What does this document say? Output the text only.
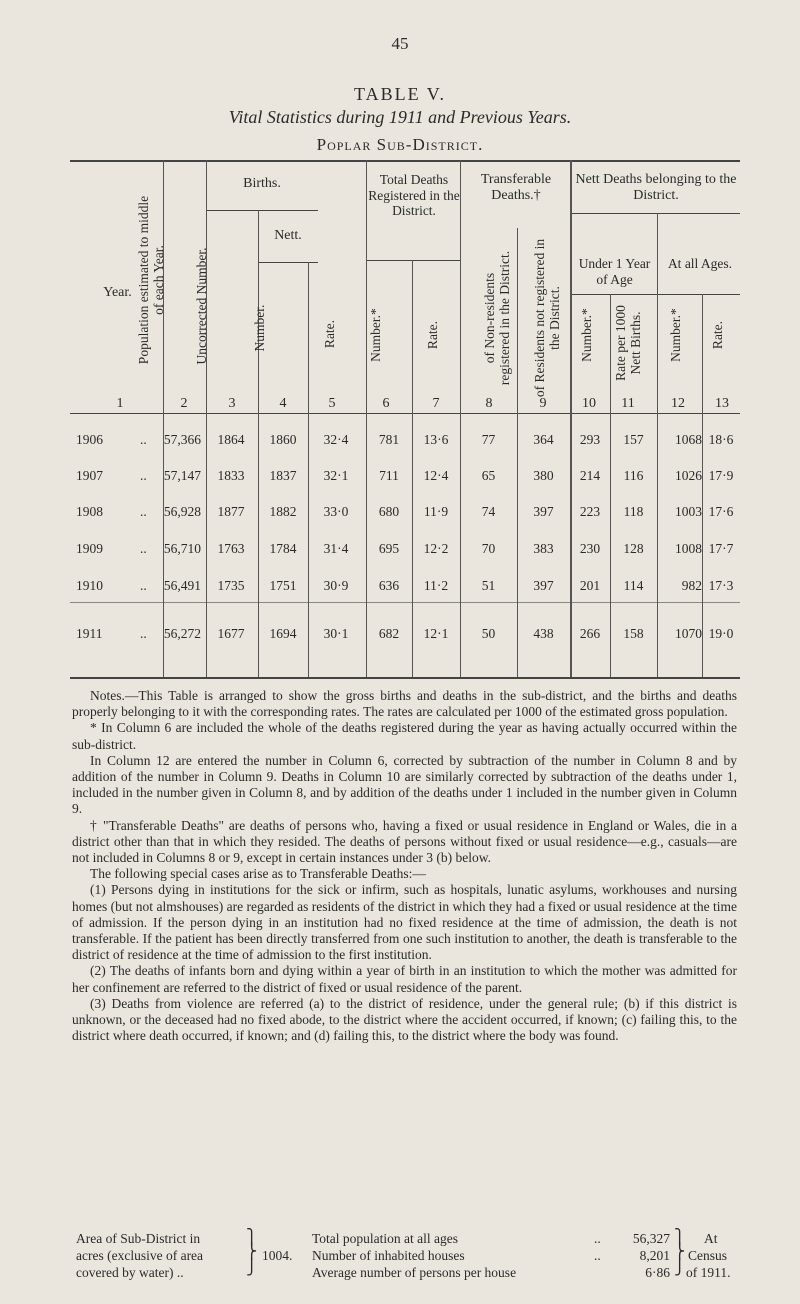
45
TABLE V.
Vital Statistics during 1911 and Previous Years.
Poplar Sub-District.
Year.
Births.
Nett.
Total Deaths Registered in the District.
Transferable Deaths.†
Nett Deaths belonging to the District.
Under 1 Year of Age
At all Ages.
Population estimated to middle of each Year.	Uncorrected Number.	Number.	Rate.	Number.*	Rate.	of Non-residents registered in the District.	of Residents not registered in the District.	Number.*	Rate per 1000 Nett Births.	Number.*	Rate.
1	2	3	4	5	6	7	8	9	10	11	12	13
1906	..	57,366	1864	1860	32·4	781	13·6	77	364	293	157	1068 18·6
1907	..	57,147	1833	1837	32·1	711	12·4	65	380	214	116	1026 17·9
1908	..	56,928	1877	1882	33·0	680	11·9	74	397	223	118	1003 17·6
1909	..	56,710	1763	1784	31·4	695	12·2	70	383	230	128	1008 17·7
1910	..	56,491	1735	1751	30·9	636	11·2	51	397	201	114	982 17·3
1911	..	56,272	1677	1694	30·1	682	12·1	50	438	266	158	1070 19·0

Notes.—This Table is arranged to show the gross births and deaths in the sub-district, and the births and deaths properly belonging to it with the corresponding rates. The rates are calculated per 1000 of the estimated gross population.

* In Column 6 are included the whole of the deaths registered during the year as having actually occurred within the sub-district.

In Column 12 are entered the number in Column 6, corrected by subtraction of the number in Column 8 and by addition of the number in Column 9. Deaths in Column 10 are similarly corrected by subtraction of the deaths under 1, included in the number given in Column 8, and by addition of the deaths under 1 included in the number given in Column 9.

† "Transferable Deaths" are deaths of persons who, having a fixed or usual residence in England or Wales, die in a district other than that in which they resided. The deaths of persons without fixed or usual residence—e.g., casuals—are not included in Columns 8 or 9, except in certain instances under 3 (b) below.

The following special cases arise as to Transferable Deaths:—

(1) Persons dying in institutions for the sick or infirm, such as hospitals, lunatic asylums, workhouses and nursing homes (but not almshouses) are regarded as residents of the district in which they had a fixed or usual residence at the time of admission. If the person dying in an institution had no fixed residence at the time of admission, the death is not transferable. If the patient has been directly transferred from one such institution to another, the death is transferable to the district of residence at the time of admission to the first institution.

(2) The deaths of infants born and dying within a year of birth in an institution to which the mother was admitted for her confinement are referred to the district of fixed or usual residence of the parent.

(3) Deaths from violence are referred (a) to the district of residence, under the general rule; (b) if this district is unknown, or the deceased had no fixed abode, to the district where the accident occurred, if known; (c) failing this, to the district where death occurred, if known; and (d) failing this, to the district where the body was found.

Area of Sub-District in
acres (exclusive of area
covered by water) ..
⎫
⎬
⎭
1004.
Total population at all ages	..	56,327
Number of inhabited houses	..	8,201
Average number of persons per house	6·86
⎫
⎬
⎭
At
Census
of 1911.
